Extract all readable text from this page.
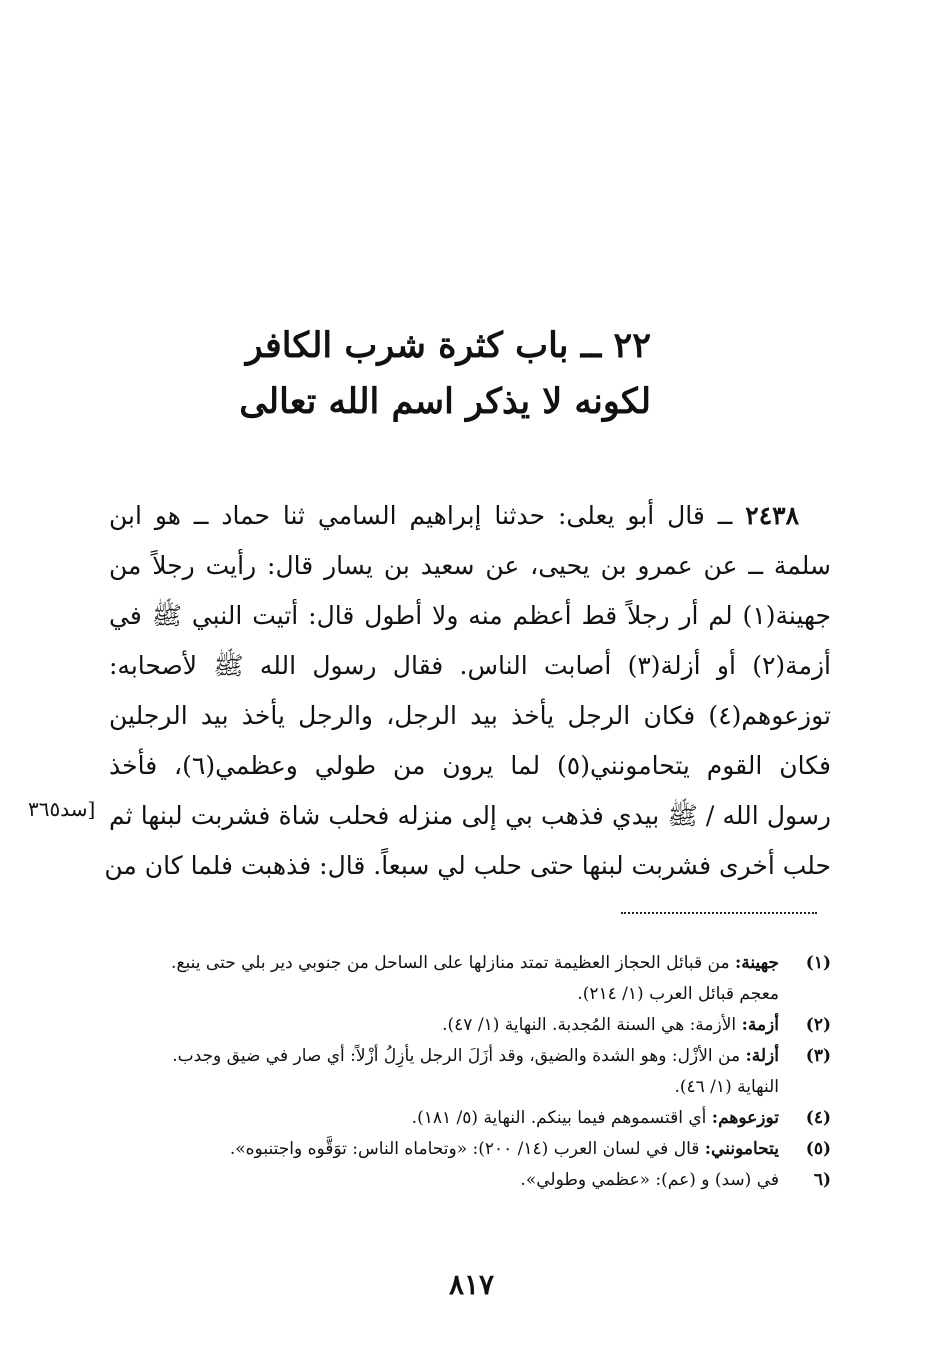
٢٢ ــ باب كثرة شرب الكافر
لكونه لا يذكر اسم الله تعالى
٢٤٣٨ ــ قال أبو يعلى: حدثنا إبراهيم السامي ثنا حماد ــ هو ابن
سلمة ــ عن عمرو بن يحيى، عن سعيد بن يسار قال: رأيت رجلاً من
جهينة(١) لم أر رجلاً قط أعظم منه ولا أطول قال: أتيت النبي ﷺ في
أزمة(٢) أو أزلة(٣) أصابت الناس. فقال رسول الله ﷺ لأصحابه:
توزعوهم(٤) فكان الرجل يأخذ بيد الرجل، والرجل يأخذ بيد الرجلين
فكان القوم يتحامونني(٥) لما يرون من طولي وعظمي(٦)، فأخذ
رسول الله / ﷺ بيدي فذهب بي إلى منزله فحلب شاة فشربت لبنها ثم
حلب أخرى فشربت لبنها حتى حلب لي سبعاً. قال: فذهبت فلما كان من
[سد٣٦٥
(١)
جهينة: من قبائل الحجاز العظيمة تمتد منازلها على الساحل من جنوبي دير بلي حتى ينبع.
معجم قبائل العرب (١/ ٢١٤).
(٢)
أزمة: الأزمة: هي السنة المُجدبة. النهاية (١/ ٤٧).
(٣)
أزلة: من الأزْل: وهو الشدة والضيق، وقد أزَلَ الرجل يأزِلُ أزْلاً: أي صار في ضيق وجدب.
النهاية (١/ ٤٦).
(٤)
توزعوهم: أي اقتسموهم فيما بينكم. النهاية (٥/ ١٨١).
(٥)
يتحامونني: قال في لسان العرب (١٤/ ٢٠٠): «وتحاماه الناس: توَقَّوه واجتنبوه».
(٦
في (سد) و (عم): «عظمي وطولي».
٨١٧
